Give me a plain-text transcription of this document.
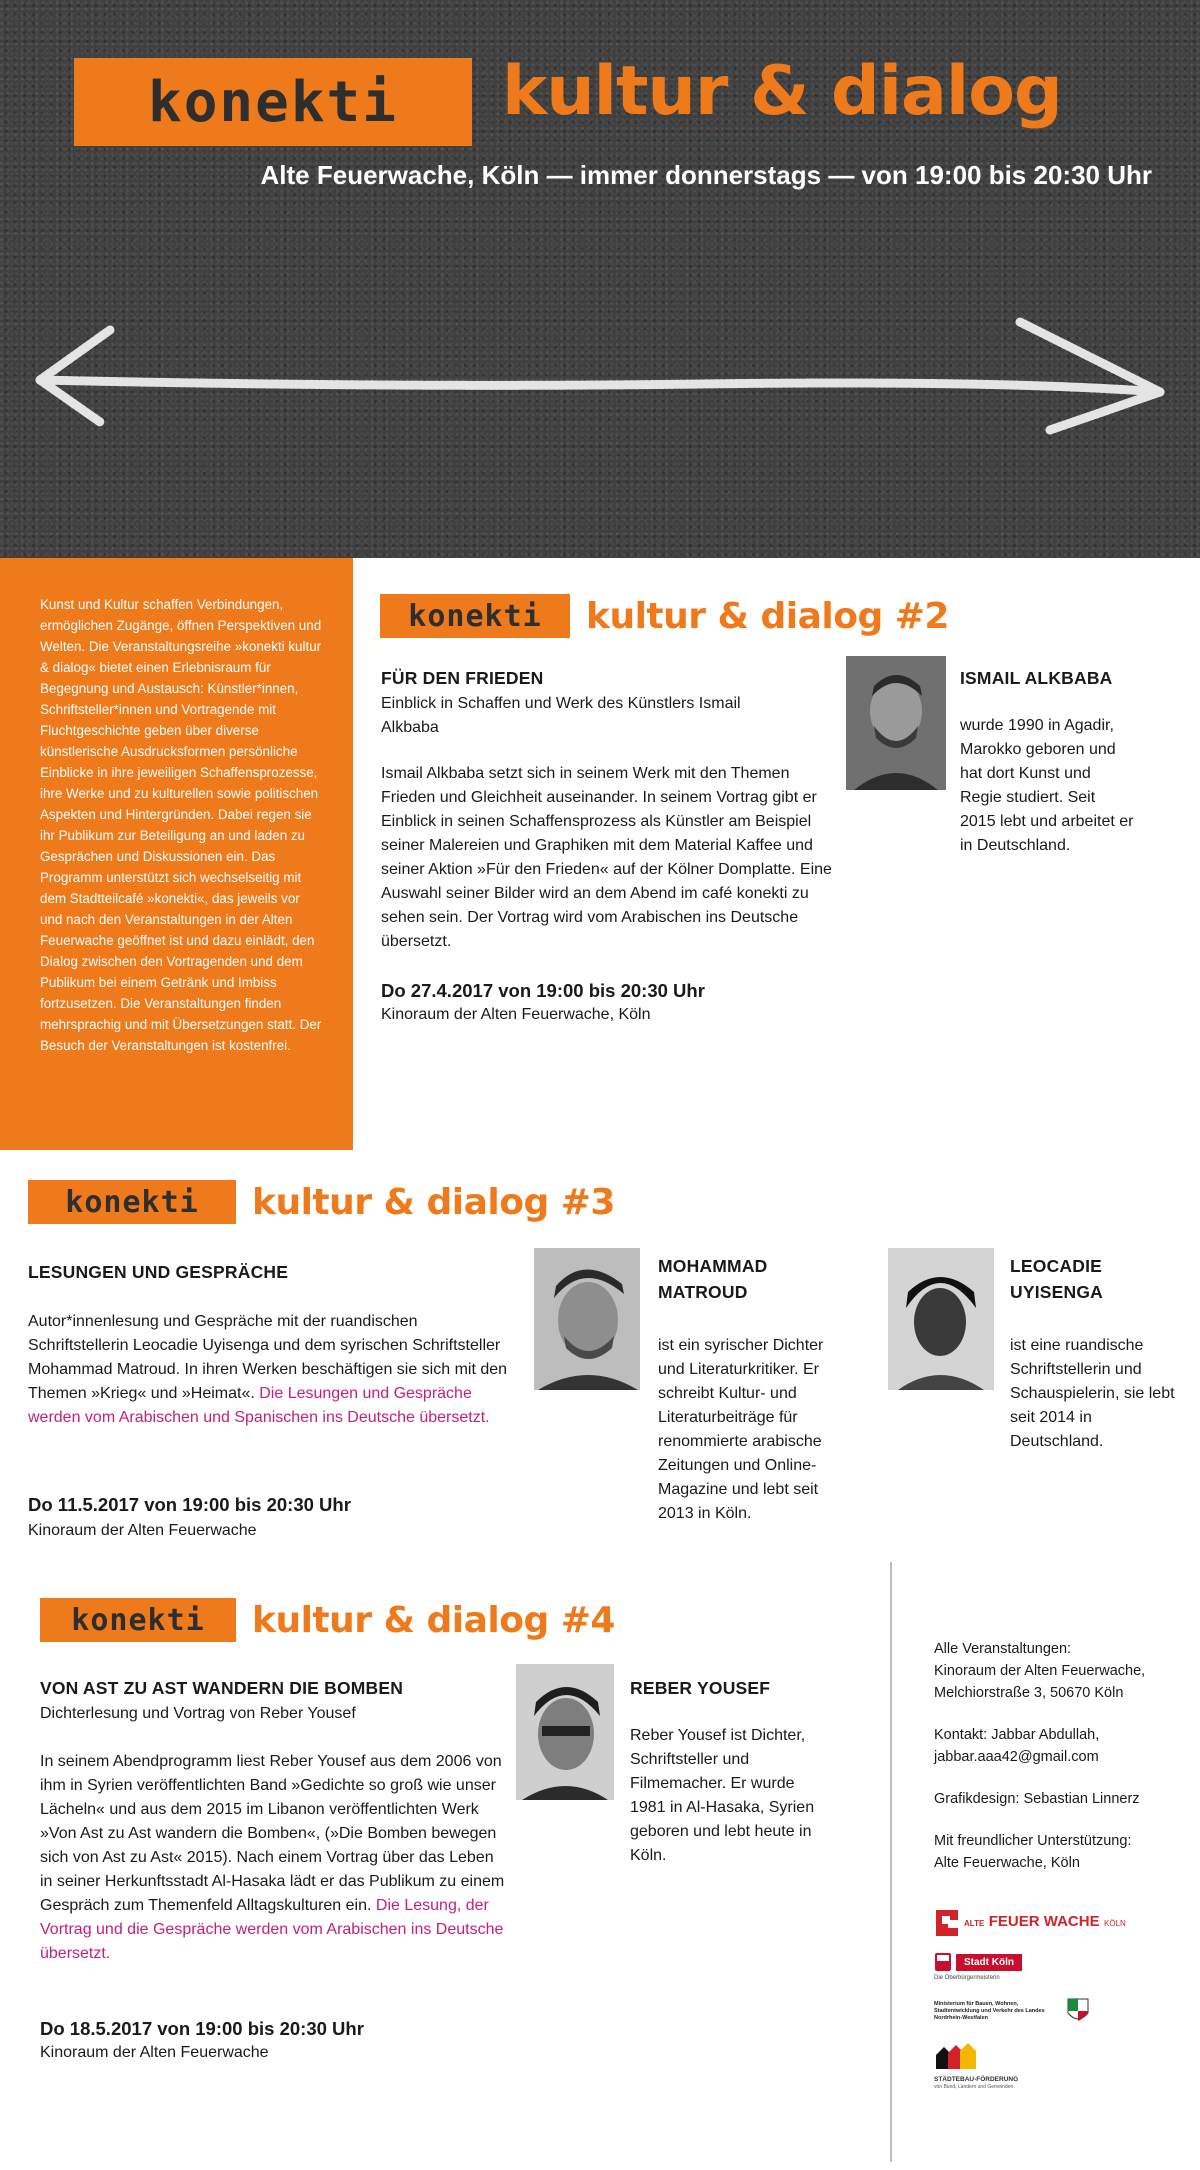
konekti	kultur & dialog
Alte Feuerwache, Köln — immer donnerstags — von 19:00 bis 20:30 Uhr

Kunst und Kultur schaffen Verbindungen, ermöglichen Zugänge, öffnen Perspektiven und Welten. Die Veranstaltungsreihe »konekti kultur & dialog« bietet einen Erlebnisraum für Begegnung und Austausch: Künstler*innen, Schriftsteller*innen und Vortragende mit Fluchtgeschichte geben über diverse künstlerische Ausdrucksformen persönliche Einblicke in ihre jeweiligen Schaffensprozesse, ihre Werke und zu kulturellen sowie politischen Aspekten und Hintergründen. Dabei regen sie ihr Publikum zur Beteiligung an und laden zu Gesprächen und Diskussionen ein. Das Programm unterstützt sich wechselseitig mit dem Stadtteilcafé »konekti«, das jeweils vor und nach den Veranstaltungen in der Alten Feuerwache geöffnet ist und dazu einlädt, den Dialog zwischen den Vortragenden und dem Publikum bei einem Getränk und Imbiss fortzusetzen. Die Veranstaltungen finden mehrsprachig und mit Übersetzungen statt. Der Besuch der Veranstaltungen ist kostenfrei.

konekti	kultur & dialog #2
FÜR DEN FRIEDEN
Einblick in Schaffen und Werk des Künstlers Ismail Alkbaba
Ismail Alkbaba setzt sich in seinem Werk mit den Themen Frieden und Gleichheit auseinander. In seinem Vortrag gibt er Einblick in seinen Schaffensprozess als Künstler am Beispiel seiner Malereien und Graphiken mit dem Material Kaffee und seiner Aktion »Für den Frieden« auf der Kölner Domplatte. Eine Auswahl seiner Bilder wird an dem Abend im café konekti zu sehen sein. Der Vortrag wird vom Arabischen ins Deutsche übersetzt.
Do 27.4.2017 von 19:00 bis 20:30 Uhr
Kinoraum der Alten Feuerwache, Köln
ISMAIL ALKBABA
wurde 1990 in Agadir, Marokko geboren und hat dort Kunst und Regie studiert. Seit 2015 lebt und arbeitet er in Deutschland.
konekti	kultur & dialog #3
LESUNGEN UND GESPRÄCHE
Autor*innenlesung und Gespräche mit der ruandischen Schriftstellerin Leocadie Uyisenga und dem syrischen Schriftsteller Mohammad Matroud. In ihren Werken beschäftigen sie sich mit den Themen »Krieg« und »Heimat«. Die Lesungen und Gespräche werden vom Arabischen und Spanischen ins Deutsche übersetzt.
Do 11.5.2017 von 19:00 bis 20:30 Uhr
Kinoraum der Alten Feuerwache
MOHAMMAD
MATROUD
ist ein syrischer Dichter und Literaturkritiker. Er schreibt Kultur- und Literaturbeiträge für renommierte arabische Zeitungen und Online-Magazine und lebt seit 2013 in Köln.
LEOCADIE
UYISENGA
ist eine ruandische Schriftstellerin und Schauspielerin, sie lebt seit 2014 in Deutschland.
konekti	kultur & dialog #4
VON AST ZU AST WANDERN DIE BOMBEN
Dichterlesung und Vortrag von Reber Yousef
In seinem Abendprogramm liest Reber Yousef aus dem 2006 von ihm in Syrien veröffentlichten Band »Gedichte so groß wie unser Lächeln« und aus dem 2015 im Libanon veröffentlichten Werk »Von Ast zu Ast wandern die Bomben«, (»Die Bomben bewegen sich von Ast zu Ast« 2015). Nach einem Vortrag über das Leben in seiner Herkunftsstadt Al-Hasaka lädt er das Publikum zu einem Gespräch zum Themenfeld Alltagskulturen ein. Die Lesung, der Vortrag und die Gespräche werden vom Arabischen ins Deutsche übersetzt.
Do 18.5.2017 von 19:00 bis 20:30 Uhr
Kinoraum der Alten Feuerwache
REBER YOUSEF
Reber Yousef ist Dichter, Schriftsteller und Filmemacher. Er wurde 1981 in Al-Hasaka, Syrien geboren und lebt heute in Köln.
Alle Veranstaltungen:
Kinoraum der Alten Feuerwache,
Melchiorstraße 3, 50670 Köln
Kontakt: Jabbar Abdullah,
jabbar.aaa42@gmail.com
Grafikdesign: Sebastian Linnerz
Mit freundlicher Unterstützung:
Alte Feuerwache, Köln
ALTE FEUER WACHE KÖLN
Stadt Köln
Die Oberbürgermeisterin
Ministerium für Bauen, Wohnen, Stadtentwicklung und Verkehr des Landes Nordrhein-Westfalen
STÄDTEBAU-FÖRDERUNG
von Bund, Ländern und Gemeinden
